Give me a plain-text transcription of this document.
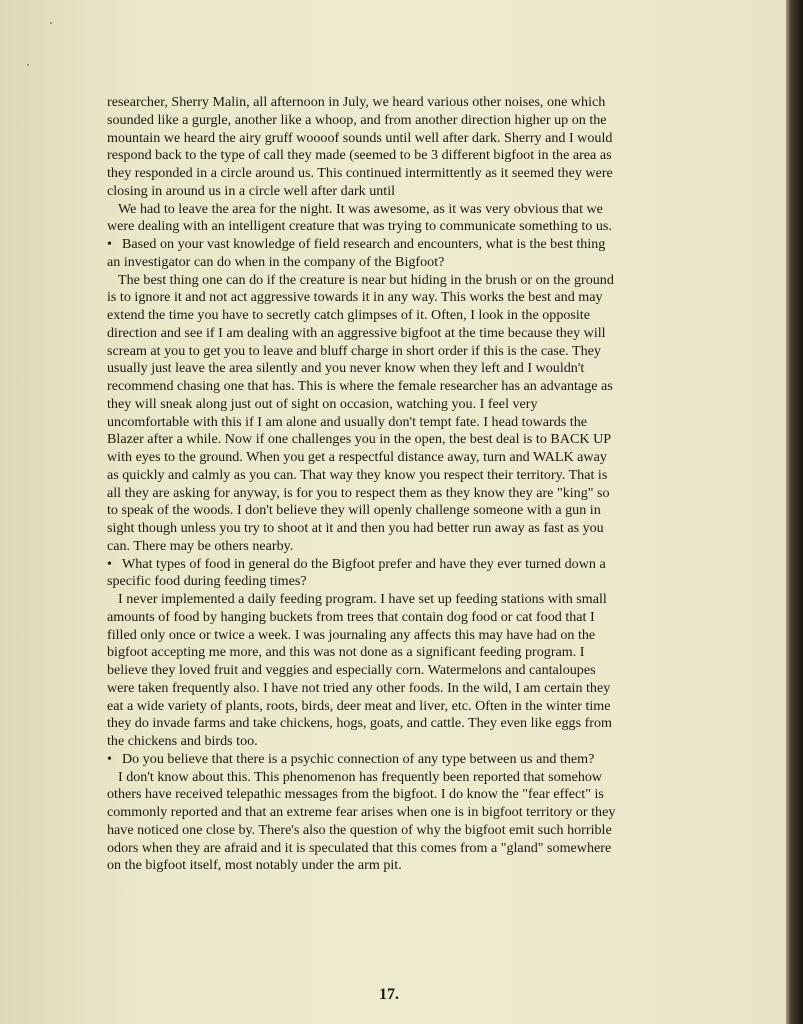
researcher, Sherry Malin, all afternoon in July, we heard various other noises, one which
sounded like a gurgle, another like a whoop, and from another direction higher up on the
mountain we heard the airy gruff woooof sounds until well after dark. Sherry and I would
respond back to the type of call they made (seemed to be 3 different bigfoot in the area as
they responded in a circle around us. This continued intermittently as it seemed they were
closing in around us in a circle well after dark until
We had to leave the area for the night. It was awesome, as it was very obvious that we
were dealing with an intelligent creature that was trying to communicate something to us.
• Based on your vast knowledge of field research and encounters, what is the best thing
an investigator can do when in the company of the Bigfoot?
The best thing one can do if the creature is near but hiding in the brush or on the ground
is to ignore it and not act aggressive towards it in any way. This works the best and may
extend the time you have to secretly catch glimpses of it. Often, I look in the opposite
direction and see if I am dealing with an aggressive bigfoot at the time because they will
scream at you to get you to leave and bluff charge in short order if this is the case. They
usually just leave the area silently and you never know when they left and I wouldn't
recommend chasing one that has. This is where the female researcher has an advantage as
they will sneak along just out of sight on occasion, watching you. I feel very
uncomfortable with this if I am alone and usually don't tempt fate. I head towards the
Blazer after a while. Now if one challenges you in the open, the best deal is to BACK UP
with eyes to the ground. When you get a respectful distance away, turn and WALK away
as quickly and calmly as you can. That way they know you respect their territory. That is
all they are asking for anyway, is for you to respect them as they know they are "king" so
to speak of the woods. I don't believe they will openly challenge someone with a gun in
sight though unless you try to shoot at it and then you had better run away as fast as you
can. There may be others nearby.
• What types of food in general do the Bigfoot prefer and have they ever turned down a
specific food during feeding times?
I never implemented a daily feeding program. I have set up feeding stations with small
amounts of food by hanging buckets from trees that contain dog food or cat food that I
filled only once or twice a week. I was journaling any affects this may have had on the
bigfoot accepting me more, and this was not done as a significant feeding program. I
believe they loved fruit and veggies and especially corn. Watermelons and cantaloupes
were taken frequently also. I have not tried any other foods. In the wild, I am certain they
eat a wide variety of plants, roots, birds, deer meat and liver, etc. Often in the winter time
they do invade farms and take chickens, hogs, goats, and cattle. They even like eggs from
the chickens and birds too.
• Do you believe that there is a psychic connection of any type between us and them?
I don't know about this. This phenomenon has frequently been reported that somehow
others have received telepathic messages from the bigfoot. I do know the "fear effect" is
commonly reported and that an extreme fear arises when one is in bigfoot territory or they
have noticed one close by. There's also the question of why the bigfoot emit such horrible
odors when they are afraid and it is speculated that this comes from a "gland" somewhere
on the bigfoot itself, most notably under the arm pit.
17.
